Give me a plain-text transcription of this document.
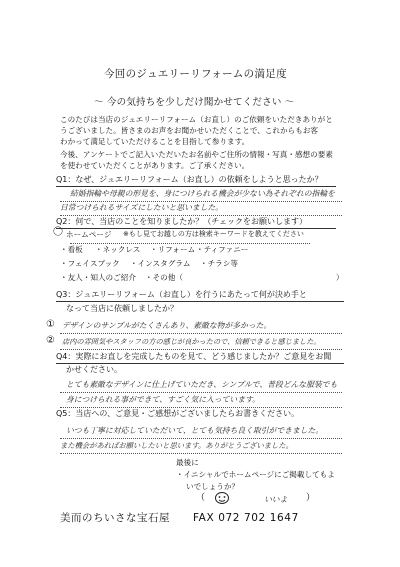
今回のジュエリーリフォームの満足度
～ 今の気持ちを少しだけ聞かせてください ～
このたびは当店のジュエリーリフォーム（お直し）のご依頼をいただきありがと
うございました。皆さまのお声をお聞かせいただくことで、これからもお客
わかって満足していただけることを目指して参ります。
今後、アンケートでご記入いただいたお名前やご住所の情報・写真・感想の要素
を使わせていただくことがあります。ご了承ください。
Q1：なぜ、ジュエリーリフォーム（お直し）の依頼をしようと思ったか？
結婚指輪や母親の形見を、身につけられる機会が少ない為それぞれの指輪を
日常つけられるサイズにしたいと思いました。
Q2：何で、当店のことを知りましたか？（チェックをお願いします）
〇 ホームページ ※もし見てお越しの方は検索キーワードを教えてください
・看板 ・ネックレス ・リフォーム ・ティファニー
・フェイスブック ・インスタグラム ・チラシ等
・友人・知人のご紹介 ・その他（	）
Q3：ジュエリーリフォーム（お直し）を行うにあたって何が決め手と
なって当店に依頼しましたか？
① デザインのサンプルがたくさんあり、素敵な物が多かった。
② 店内の雰囲気やスタッフの方の感じが良かったので、信頼できると感じました。
Q4：実際にお直しを完成したものを見て、どう感じましたか？ご意見をお聞
かせください。
とても素敵なデザインに仕上げていただき、シンプルで、普段どんな服装でも
身につけられる事ができて、すごく気に入っています。
Q5：当店への、ご意見・ご感想がございましたらお書きください。
いつも丁寧に対応していただいて、とても気持ち良く取引ができました。
また機会があればお願いしたいと思います。ありがとうございました。
最後に
・イニシャルでホームページにご掲載してもよ
いでしょうか？
（	いいよ ）
美而のちいさな宝石屋 FAX 072 702 1647
